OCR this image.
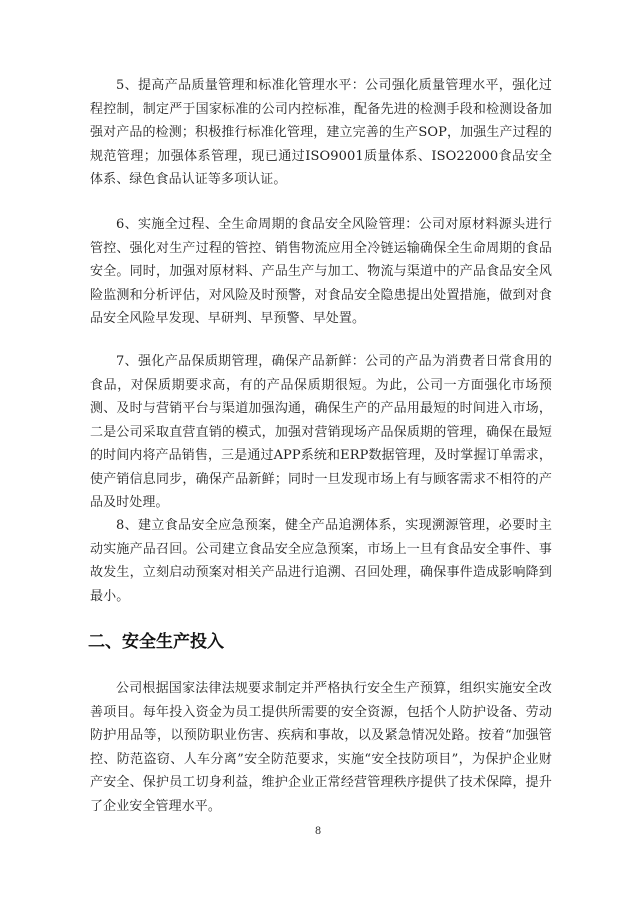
5、提高产品质量管理和标准化管理水平：公司强化质量管理水平，强化过程控制，制定严于国家标准的公司内控标准，配备先进的检测手段和检测设备加强对产品的检测；积极推行标准化管理，建立完善的生产SOP，加强生产过程的规范管理；加强体系管理，现已通过ISO9001质量体系、ISO22000食品安全体系、绿色食品认证等多项认证。

6、实施全过程、全生命周期的食品安全风险管理：公司对原材料源头进行管控、强化对生产过程的管控、销售物流应用全冷链运输确保全生命周期的食品安全。同时，加强对原材料、产品生产与加工、物流与渠道中的产品食品安全风险监测和分析评估，对风险及时预警，对食品安全隐患提出处置措施，做到对食品安全风险早发现、早研判、早预警、早处置。

7、强化产品保质期管理，确保产品新鲜：公司的产品为消费者日常食用的食品，对保质期要求高，有的产品保质期很短。为此，公司一方面强化市场预测、及时与营销平台与渠道加强沟通，确保生产的产品用最短的时间进入市场，二是公司采取直营直销的模式，加强对营销现场产品保质期的管理，确保在最短的时间内将产品销售，三是通过APP系统和ERP数据管理，及时掌握订单需求，使产销信息同步，确保产品新鲜；同时一旦发现市场上有与顾客需求不相符的产品及时处理。

8、建立食品安全应急预案，健全产品追溯体系，实现溯源管理，必要时主动实施产品召回。公司建立食品安全应急预案，市场上一旦有食品安全事件、事故发生，立刻启动预案对相关产品进行追溯、召回处理，确保事件造成影响降到最小。

二、安全生产投入

公司根据国家法律法规要求制定并严格执行安全生产预算，组织实施安全改善项目。每年投入资金为员工提供所需要的安全资源，包括个人防护设备、劳动防护用品等，以预防职业伤害、疾病和事故，以及紧急情况处路。按着“加强管控、防范盗窃、人车分离”安全防范要求，实施“安全技防项目”，为保护企业财产安全、保护员工切身利益，维护企业正常经营管理秩序提供了技术保障，提升了企业安全管理水平。

8
